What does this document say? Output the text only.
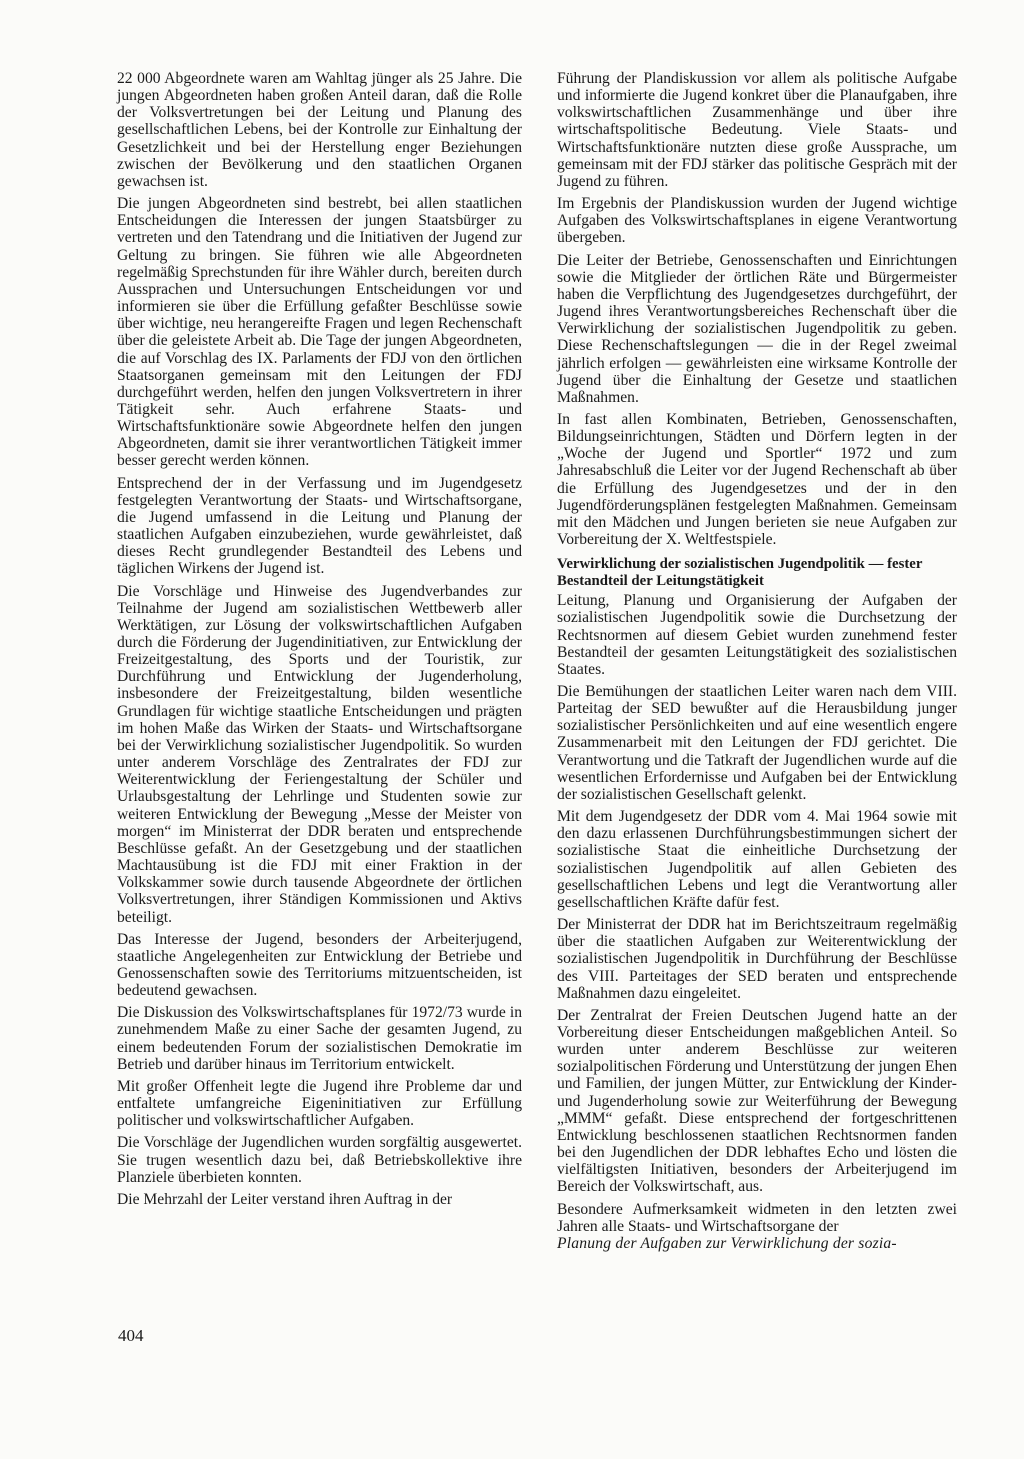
22 000 Abgeordnete waren am Wahltag jünger als 25 Jahre. Die jungen Abgeordneten haben großen Anteil daran, daß die Rolle der Volksvertretungen bei der Leitung und Planung des gesellschaftlichen Lebens, bei der Kontrolle zur Einhaltung der Gesetzlichkeit und bei der Herstellung enger Beziehungen zwischen der Bevölkerung und den staatlichen Organen gewachsen ist.

Die jungen Abgeordneten sind bestrebt, bei allen staatlichen Entscheidungen die Interessen der jungen Staatsbürger zu vertreten und den Tatendrang und die Initiativen der Jugend zur Geltung zu bringen. Sie führen wie alle Abgeordneten regelmäßig Sprechstunden für ihre Wähler durch, bereiten durch Aussprachen und Untersuchungen Entscheidungen vor und informieren sie über die Erfüllung gefaßter Beschlüsse sowie über wichtige, neu herangereifte Fragen und legen Rechenschaft über die geleistete Arbeit ab. Die Tage der jungen Abgeordneten, die auf Vorschlag des IX. Parlaments der FDJ von den örtlichen Staatsorganen gemeinsam mit den Leitungen der FDJ durchgeführt werden, helfen den jungen Volksvertretern in ihrer Tätigkeit sehr. Auch erfahrene Staats- und Wirtschaftsfunktionäre sowie Abgeordnete helfen den jungen Abgeordneten, damit sie ihrer verantwortlichen Tätigkeit immer besser gerecht werden können.

Entsprechend der in der Verfassung und im Jugendgesetz festgelegten Verantwortung der Staats- und Wirtschaftsorgane, die Jugend umfassend in die Leitung und Planung der staatlichen Aufgaben einzubeziehen, wurde gewährleistet, daß dieses Recht grundlegender Bestandteil des Lebens und täglichen Wirkens der Jugend ist.

Die Vorschläge und Hinweise des Jugendverbandes zur Teilnahme der Jugend am sozialistischen Wettbewerb aller Werktätigen, zur Lösung der volkswirtschaftlichen Aufgaben durch die Förderung der Jugendinitiativen, zur Entwicklung der Freizeitgestaltung, des Sports und der Touristik, zur Durchführung und Entwicklung der Jugenderholung, insbesondere der Freizeitgestaltung, bilden wesentliche Grundlagen für wichtige staatliche Entscheidungen und prägten im hohen Maße das Wirken der Staats- und Wirtschaftsorgane bei der Verwirklichung sozialistischer Jugendpolitik. So wurden unter anderem Vorschläge des Zentralrates der FDJ zur Weiterentwicklung der Feriengestaltung der Schüler und Urlaubsgestaltung der Lehrlinge und Studenten sowie zur weiteren Entwicklung der Bewegung „Messe der Meister von morgen“ im Ministerrat der DDR beraten und entsprechende Beschlüsse gefaßt. An der Gesetzgebung und der staatlichen Machtausübung ist die FDJ mit einer Fraktion in der Volkskammer sowie durch tausende Abgeordnete der örtlichen Volksvertretungen, ihrer Ständigen Kommissionen und Aktivs beteiligt.

Das Interesse der Jugend, besonders der Arbeiterjugend, staatliche Angelegenheiten zur Entwicklung der Betriebe und Genossenschaften sowie des Territoriums mitzuentscheiden, ist bedeutend gewachsen.

Die Diskussion des Volkswirtschaftsplanes für 1972/73 wurde in zunehmendem Maße zu einer Sache der gesamten Jugend, zu einem bedeutenden Forum der sozialistischen Demokratie im Betrieb und darüber hinaus im Territorium entwickelt.

Mit großer Offenheit legte die Jugend ihre Probleme dar und entfaltete umfangreiche Eigeninitiativen zur Erfüllung politischer und volkswirtschaftlicher Aufgaben.

Die Vorschläge der Jugendlichen wurden sorgfältig ausgewertet. Sie trugen wesentlich dazu bei, daß Betriebskollektive ihre Planziele überbieten konnten.

Die Mehrzahl der Leiter verstand ihren Auftrag in der

Führung der Plandiskussion vor allem als politische Aufgabe und informierte die Jugend konkret über die Planaufgaben, ihre volkswirtschaftlichen Zusammenhänge und über ihre wirtschaftspolitische Bedeutung. Viele Staats- und Wirtschaftsfunktionäre nutzten diese große Aussprache, um gemeinsam mit der FDJ stärker das politische Gespräch mit der Jugend zu führen.

Im Ergebnis der Plandiskussion wurden der Jugend wichtige Aufgaben des Volkswirtschaftsplanes in eigene Verantwortung übergeben.

Die Leiter der Betriebe, Genossenschaften und Einrichtungen sowie die Mitglieder der örtlichen Räte und Bürgermeister haben die Verpflichtung des Jugendgesetzes durchgeführt, der Jugend ihres Verantwortungsbereiches Rechenschaft über die Verwirklichung der sozialistischen Jugendpolitik zu geben. Diese Rechenschaftslegungen — die in der Regel zweimal jährlich erfolgen — gewährleisten eine wirksame Kontrolle der Jugend über die Einhaltung der Gesetze und staatlichen Maßnahmen.

In fast allen Kombinaten, Betrieben, Genossenschaften, Bildungseinrichtungen, Städten und Dörfern legten in der „Woche der Jugend und Sportler“ 1972 und zum Jahresabschluß die Leiter vor der Jugend Rechenschaft ab über die Erfüllung des Jugendgesetzes und der in den Jugendförderungsplänen festgelegten Maßnahmen. Gemeinsam mit den Mädchen und Jungen berieten sie neue Aufgaben zur Vorbereitung der X. Weltfestspiele.

Verwirklichung der sozialistischen Jugendpolitik — fester Bestandteil der Leitungstätigkeit

Leitung, Planung und Organisierung der Aufgaben der sozialistischen Jugendpolitik sowie die Durchsetzung der Rechtsnormen auf diesem Gebiet wurden zunehmend fester Bestandteil der gesamten Leitungstätigkeit des sozialistischen Staates.

Die Bemühungen der staatlichen Leiter waren nach dem VIII. Parteitag der SED bewußter auf die Herausbildung junger sozialistischer Persönlichkeiten und auf eine wesentlich engere Zusammenarbeit mit den Leitungen der FDJ gerichtet. Die Verantwortung und die Tatkraft der Jugendlichen wurde auf die wesentlichen Erfordernisse und Aufgaben bei der Entwicklung der sozialistischen Gesellschaft gelenkt.

Mit dem Jugendgesetz der DDR vom 4. Mai 1964 sowie mit den dazu erlassenen Durchführungsbestimmungen sichert der sozialistische Staat die einheitliche Durchsetzung der sozialistischen Jugendpolitik auf allen Gebieten des gesellschaftlichen Lebens und legt die Verantwortung aller gesellschaftlichen Kräfte dafür fest.

Der Ministerrat der DDR hat im Berichtszeitraum regelmäßig über die staatlichen Aufgaben zur Weiterentwicklung der sozialistischen Jugendpolitik in Durchführung der Beschlüsse des VIII. Parteitages der SED beraten und entsprechende Maßnahmen dazu eingeleitet.

Der Zentralrat der Freien Deutschen Jugend hatte an der Vorbereitung dieser Entscheidungen maßgeblichen Anteil. So wurden unter anderem Beschlüsse zur weiteren sozialpolitischen Förderung und Unterstützung der jungen Ehen und Familien, der jungen Mütter, zur Entwicklung der Kinder- und Jugenderholung sowie zur Weiterführung der Bewegung „MMM“ gefaßt. Diese entsprechend der fortgeschrittenen Entwicklung beschlossenen staatlichen Rechtsnormen fanden bei den Jugendlichen der DDR lebhaftes Echo und lösten die vielfältigsten Initiativen, besonders der Arbeiterjugend im Bereich der Volkswirtschaft, aus.

Besondere Aufmerksamkeit widmeten in den letzten zwei Jahren alle Staats- und Wirtschaftsorgane der

Planung der Aufgaben zur Verwirklichung der sozia-

404
